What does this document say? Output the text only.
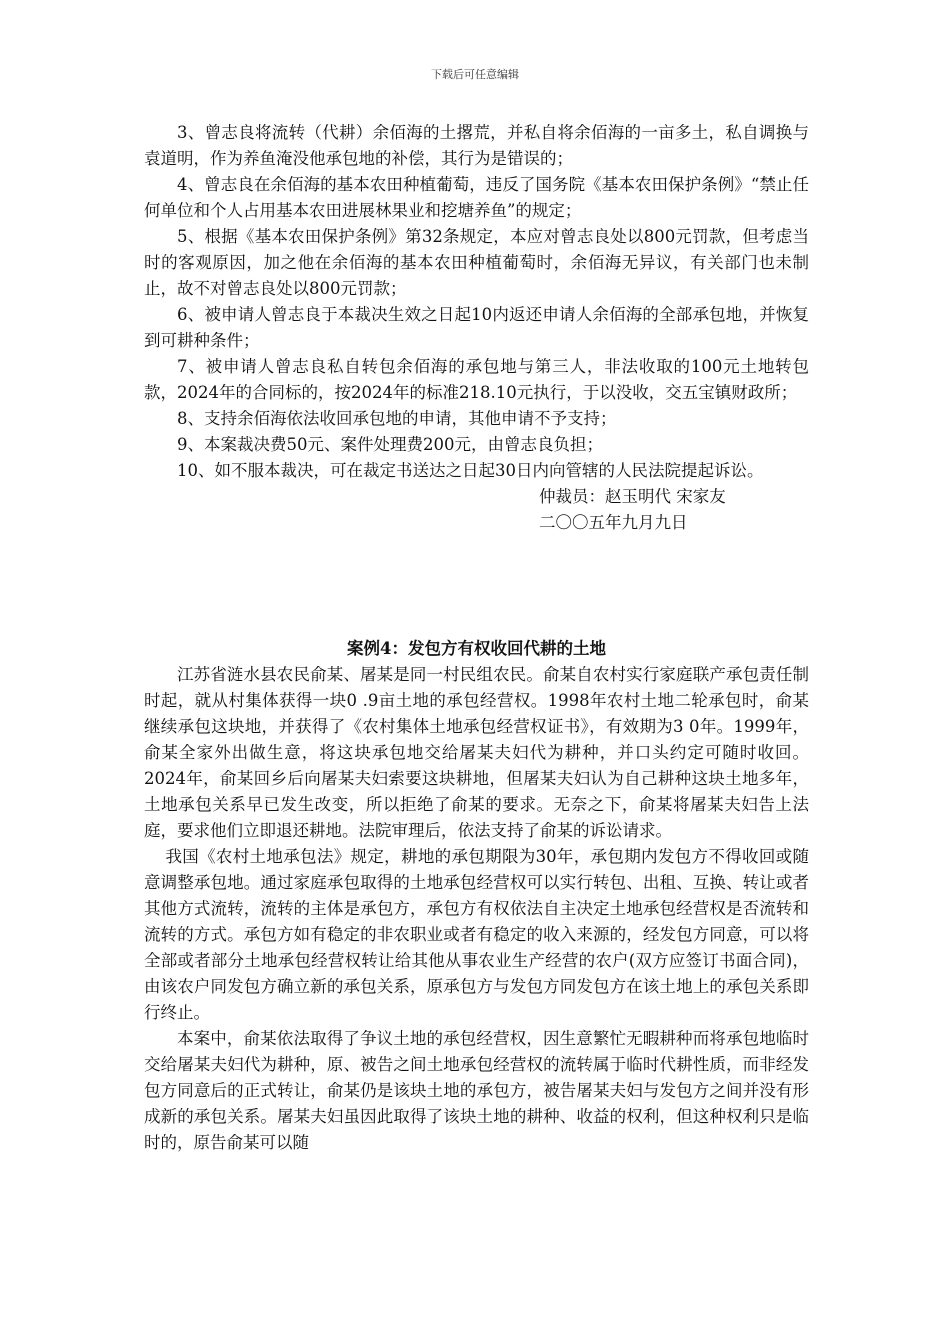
下载后可任意编辑

3、曾志良将流转（代耕）余佰海的土撂荒，并私自将余佰海的一亩多土，私自调换与袁道明，作为养鱼淹没他承包地的补偿，其行为是错误的；

4、曾志良在余佰海的基本农田种植葡萄，违反了国务院《基本农田保护条例》“禁止任何单位和个人占用基本农田进展林果业和挖塘养鱼”的规定；

5、根据《基本农田保护条例》第32条规定，本应对曾志良处以800元罚款，但考虑当时的客观原因，加之他在余佰海的基本农田种植葡萄时，余佰海无异议，有关部门也未制止，故不对曾志良处以800元罚款；

6、被申请人曾志良于本裁决生效之日起10内返还申请人余佰海的全部承包地，并恢复到可耕种条件；

7、被申请人曾志良私自转包余佰海的承包地与第三人，非法收取的100元土地转包款，2024年的合同标的，按2024年的标准218.10元执行，于以没收，交五宝镇财政所；

8、支持余佰海依法收回承包地的申请，其他申请不予支持；

9、本案裁决费50元、案件处理费200元，由曾志良负担；

10、如不服本裁决，可在裁定书送达之日起30日内向管辖的人民法院提起诉讼。

仲裁员：赵玉明代 宋家友

二〇〇五年九月九日

案例4：发包方有权收回代耕的土地

江苏省涟水县农民俞某、屠某是同一村民组农民。俞某自农村实行家庭联产承包责任制时起，就从村集体获得一块0 .9亩土地的承包经营权。1998年农村土地二轮承包时，俞某继续承包这块地，并获得了《农村集体土地承包经营权证书》，有效期为3 0年。1999年，俞某全家外出做生意，将这块承包地交给屠某夫妇代为耕种，并口头约定可随时收回。2024年，俞某回乡后向屠某夫妇索要这块耕地，但屠某夫妇认为自己耕种这块土地多年，土地承包关系早已发生改变，所以拒绝了俞某的要求。无奈之下，俞某将屠某夫妇告上法庭，要求他们立即退还耕地。法院审理后，依法支持了俞某的诉讼请求。

我国《农村土地承包法》规定，耕地的承包期限为30年，承包期内发包方不得收回或随意调整承包地。通过家庭承包取得的土地承包经营权可以实行转包、出租、互换、转让或者其他方式流转，流转的主体是承包方，承包方有权依法自主决定土地承包经营权是否流转和流转的方式。承包方如有稳定的非农职业或者有稳定的收入来源的，经发包方同意，可以将全部或者部分土地承包经营权转让给其他从事农业生产经营的农户(双方应签订书面合同)，由该农户同发包方确立新的承包关系，原承包方与发包方同发包方在该土地上的承包关系即行终止。

本案中，俞某依法取得了争议土地的承包经营权，因生意繁忙无暇耕种而将承包地临时交给屠某夫妇代为耕种，原、被告之间土地承包经营权的流转属于临时代耕性质，而非经发包方同意后的正式转让，俞某仍是该块土地的承包方，被告屠某夫妇与发包方之间并没有形成新的承包关系。屠某夫妇虽因此取得了该块土地的耕种、收益的权利，但这种权利只是临时的，原告俞某可以随
